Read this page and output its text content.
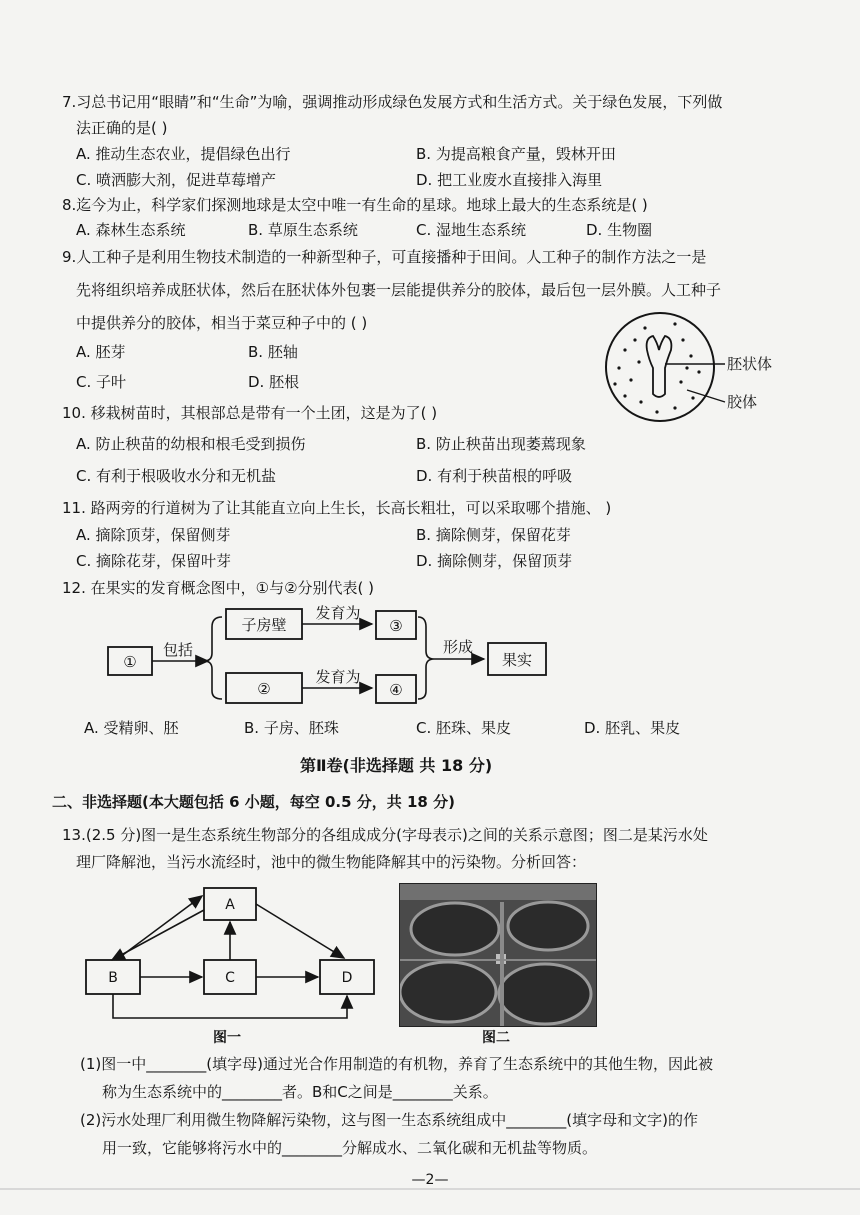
7.习总书记用“眼睛”和“生命”为喻，强调推动形成绿色发展方式和生活方式。关于绿色发展，下列做
法正确的是( )
A. 推动生态农业，提倡绿色出行	B. 为提高粮食产量，毁林开田
C. 喷洒膨大剂，促进草莓增产	D. 把工业废水直接排入海里
8.迄今为止，科学家们探测地球是太空中唯一有生命的星球。地球上最大的生态系统是( )
A. 森林生态系统	B. 草原生态系统	C. 湿地生态系统	D. 生物圈
9.人工种子是利用生物技术制造的一种新型种子，可直接播种于田间。人工种子的制作方法之一是
先将组织培养成胚状体，然后在胚状体外包裹一层能提供养分的胶体，最后包一层外膜。人工种子
中提供养分的胶体，相当于菜豆种子中的 ( )
A. 胚芽	B. 胚轴
C. 子叶	D. 胚根
胚状体
胶体
10. 移栽树苗时，其根部总是带有一个土团，这是为了( )
A. 防止秧苗的幼根和根毛受到损伤	B. 防止秧苗出现萎蔫现象
C. 有利于根吸收水分和无机盐	D. 有利于秧苗根的呼吸
11. 路两旁的行道树为了让其能直立向上生长，长高长粗壮，可以采取哪个措施、 )
A. 摘除顶芽，保留侧芽	B. 摘除侧芽，保留花芽
C. 摘除花芽，保留叶芽	D. 摘除侧芽，保留顶芽
12. 在果实的发育概念图中，①与②分别代表( )
①
包括
子房壁
②
发育为
发育为
③
④
形成
果实
A. 受精卵、胚	B. 子房、胚珠	C. 胚珠、果皮	D. 胚乳、果皮
第Ⅱ卷(非选择题 共 18 分)
二、非选择题(本大题包括 6 小题，每空 0.5 分，共 18 分)
13.(2.5 分)图一是生态系统生物部分的各组成成分(字母表示)之间的关系示意图；图二是某污水处
理厂降解池，当污水流经时，池中的微生物能降解其中的污染物。分析回答：
A
B	C	D
图一	图二
(1)图一中________(填字母)通过光合作用制造的有机物，养育了生态系统中的其他生物，因此被
称为生态系统中的________者。B和C之间是________关系。
(2)污水处理厂利用微生物降解污染物，这与图一生态系统组成中________(填字母和文字)的作
用一致，它能够将污水中的________分解成水、二氧化碳和无机盐等物质。
—2—
